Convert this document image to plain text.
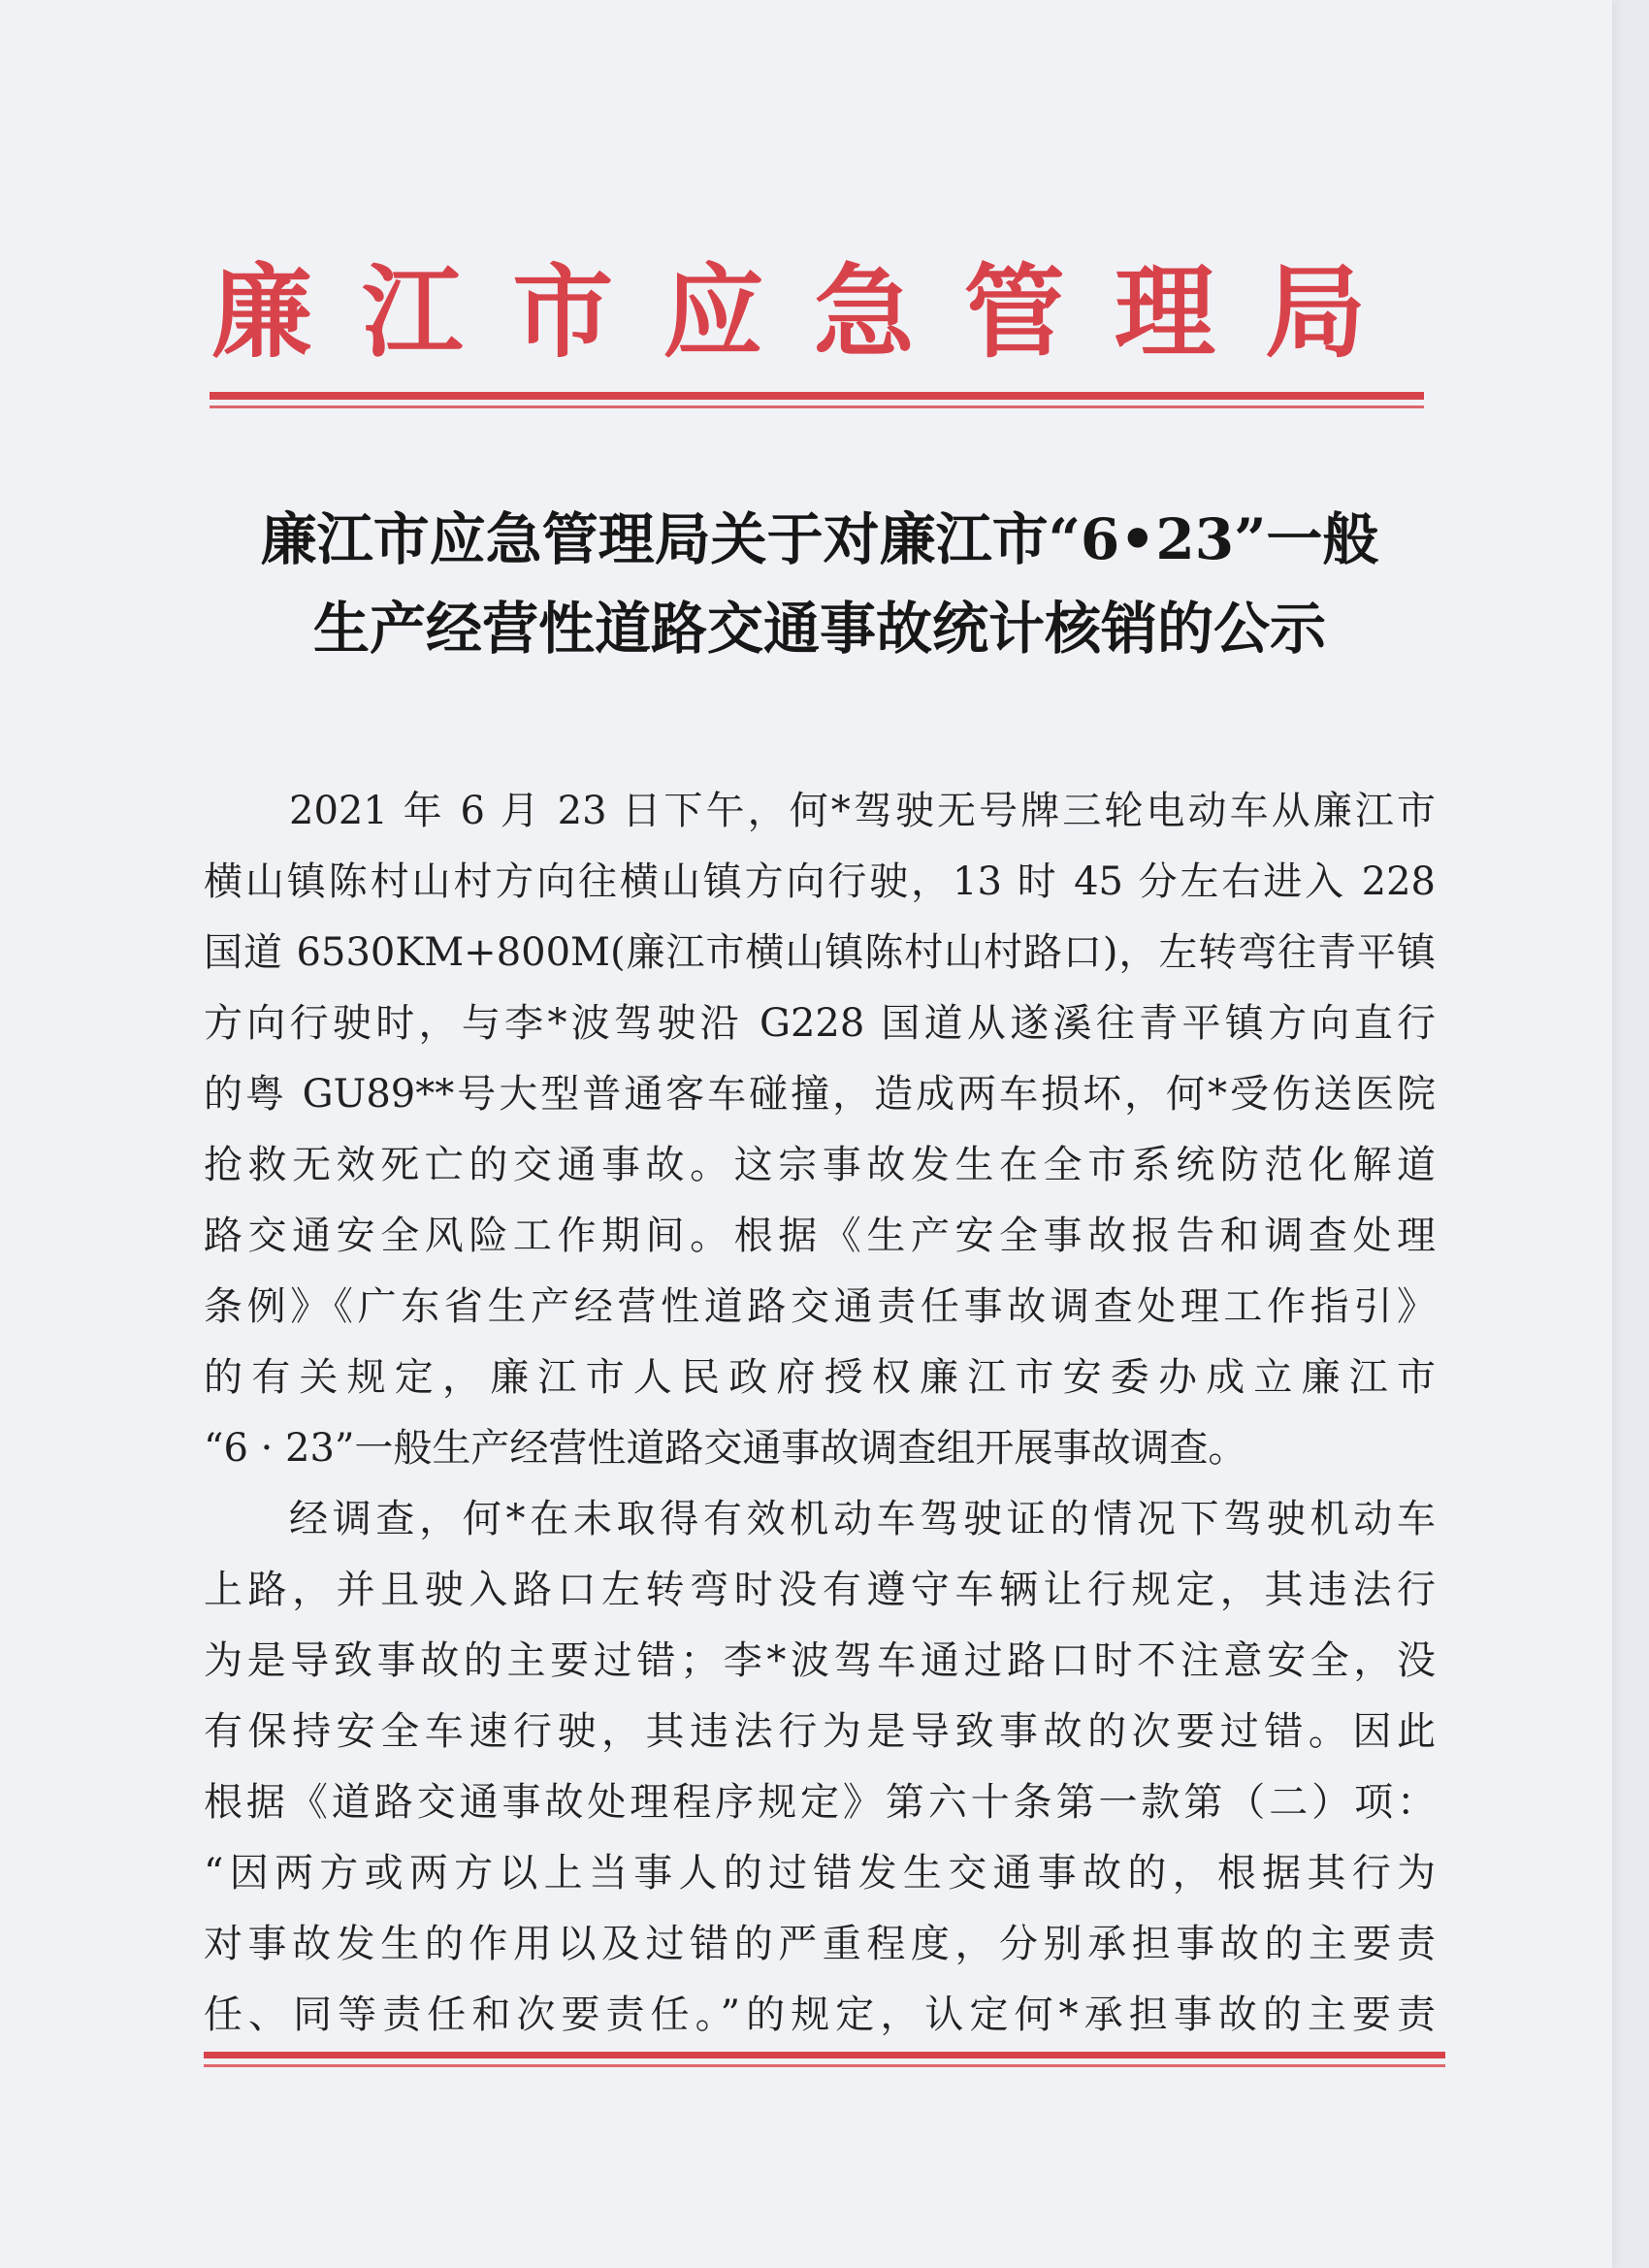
廉 江 市 应 急 管 理 局
廉江市应急管理局关于对廉江市“6•23”一般
生产经营性道路交通事故统计核销的公示
2021 年 6 月 23 日下午，何*驾驶无号牌三轮电动车从廉江市
横山镇陈村山村方向往横山镇方向行驶，13 时 45 分左右进入 228
国道 6530KM+800M(廉江市横山镇陈村山村路口)，左转弯往青平镇
方向行驶时，与李*波驾驶沿 G228 国道从遂溪往青平镇方向直行
的粤 GU89**号大型普通客车碰撞，造成两车损坏，何*受伤送医院
抢救无效死亡的交通事故。这宗事故发生在全市系统防范化解道
路交通安全风险工作期间。根据《生产安全事故报告和调查处理
条例》《广东省生产经营性道路交通责任事故调查处理工作指引》
的有关规定，廉江市人民政府授权廉江市安委办成立廉江市
“6 · 23”一般生产经营性道路交通事故调查组开展事故调查。
经调查，何*在未取得有效机动车驾驶证的情况下驾驶机动车
上路，并且驶入路口左转弯时没有遵守车辆让行规定，其违法行
为是导致事故的主要过错；李*波驾车通过路口时不注意安全，没
有保持安全车速行驶，其违法行为是导致事故的次要过错。因此
根据《道路交通事故处理程序规定》第六十条第一款第（二）项：
“因两方或两方以上当事人的过错发生交通事故的，根据其行为
对事故发生的作用以及过错的严重程度，分别承担事故的主要责
任、同等责任和次要责任。”的规定，认定何*承担事故的主要责
